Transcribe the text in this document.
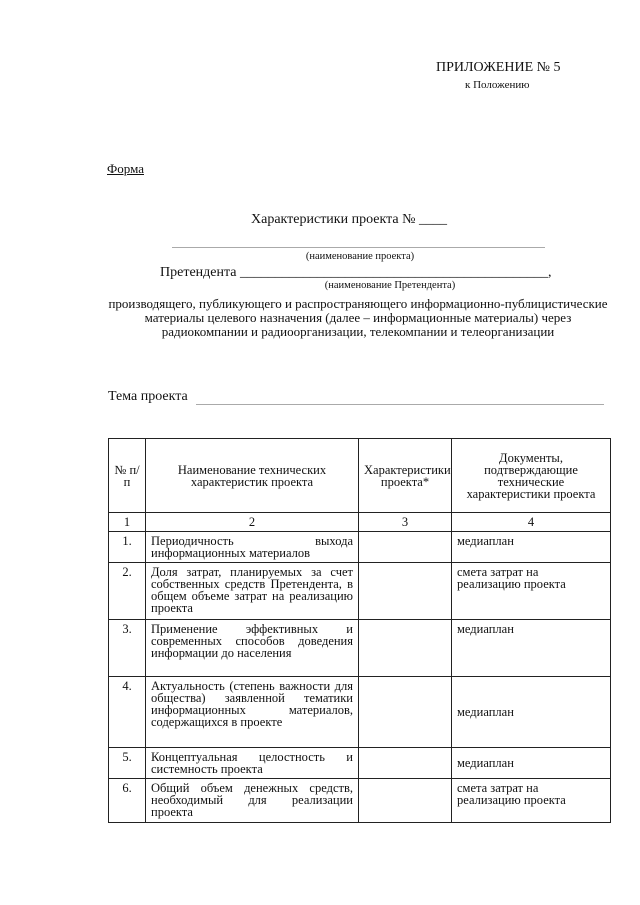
ПРИЛОЖЕНИЕ № 5
к Положению
Форма
Характеристики проекта № ____
(наименование проекта)
Претендента ____________________________________________,
(наименование Претендента)
производящего, публикующего и распространяющего информационно-публицистические материалы целевого назначения (далее – информационные материалы) через радиокомпании и радиоорганизации, телекомпании и телеорганизации
Тема проекта
№ п/п	Наименование технических характеристик проекта	Характеристики проекта*	Документы, подтверждающие технические характеристики проекта
1	2	3	4
1.	Периодичность выхода информационных материалов		медиаплан
2.	Доля затрат, планируемых за счет собственных средств Претендента, в общем объеме затрат на реализацию проекта		смета затрат на реализацию проекта
3.	Применение эффективных и современных способов доведения информации до населения		медиаплан
4.	Актуальность (степень важности для общества) заявленной тематики информационных материалов, содержащихся в проекте		медиаплан
5.	Концептуальная целостность и системность проекта		медиаплан
6.	Общий объем денежных средств, необходимый для реализации проекта		смета затрат на реализацию проекта
